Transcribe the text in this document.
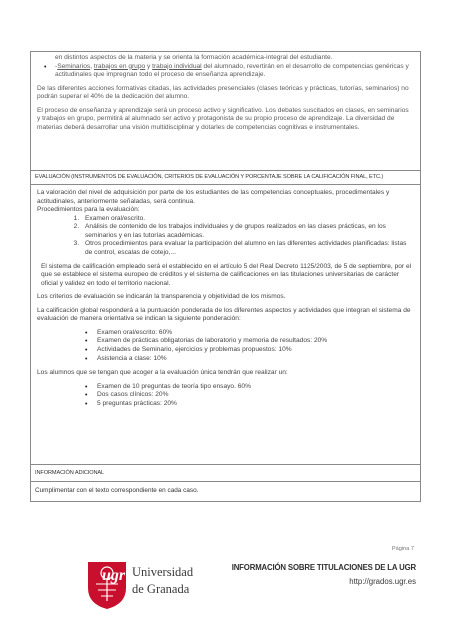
en distintos aspectos de la materia y se orienta la formación académica-integral del estudiante.
• -Seminarios, trabajos en grupo y trabajo individual del alumnado, revertirán en el desarrollo de competencias genéricas y actitudinales que impregnan todo el proceso de enseñanza aprendizaje.

De las diferentes acciones formativas citadas, las actividades presenciales (clases teóricas y prácticas, tutorías, seminarios) no podrán superar el 40% de la dedicación del alumno.

El proceso de enseñanza y aprendizaje será un proceso activo y significativo. Los debates suscitados en clases, en seminarios y trabajos en grupo, permitirá al alumnado ser activo y protagonista de su propio proceso de aprendizaje. La diversidad de materias deberá desarrollar una visión multidisciplinar y dotarles de competencias cognitivas e instrumentales.

EVALUACIÓN (INSTRUMENTOS DE EVALUACIÓN, CRITERIOS DE EVALUACIÓN Y PORCENTAJE SOBRE LA CALIFICACIÓN FINAL, ETC.)

La valoración del nivel de adquisición por parte de los estudiantes de las competencias conceptuales, procedimentales y actitudinales, anteriormente señaladas, será continua.

Procedimientos para la evaluación:

1. Examen oral/escrito.
2. Análisis de contenido de los trabajos individuales y de grupos realizados en las clases prácticas, en los seminarios y en las tutorías académicas.
3. Otros procedimientos para evaluar la participación del alumno en las diferentes actividades planificadas: listas de control, escalas de cotejo,...

El sistema de calificación empleado será el establecido en el artículo 5 del Real Decreto 1125/2003, de 5 de septiembre, por el que se establece el sistema europeo de créditos y el sistema de calificaciones en las titulaciones universitarias de carácter oficial y validez en todo el territorio nacional.

Los criterios de evaluación se indicarán la transparencia y objetividad de los mismos.

La calificación global responderá a la puntuación ponderada de los diferentes aspectos y actividades que integran el sistema de evaluación de manera orientativa se indican la siguiente ponderación:

• Examen oral/escrito: 60%
• Examen de prácticas obligatorias de laboratorio y memoria de resultados: 20%
• Actividades de Seminario, ejercicios y problemas propuestos: 10%
• Asistencia a clase: 10%

Los alumnos que se tengan que acoger a la evaluación única tendrán que realizar un:

• Examen de 10 preguntas de teoría tipo ensayo. 60%
• Dos casos clínicos: 20%
• 5 preguntas prácticas: 20%
INFORMACIÓN ADICIONAL
Cumplimentar con el texto correspondiente en cada caso.
Página 7
ugr Universidad
de Granada
INFORMACIÓN SOBRE TITULACIONES DE LA UGR
http://grados.ugr.es
